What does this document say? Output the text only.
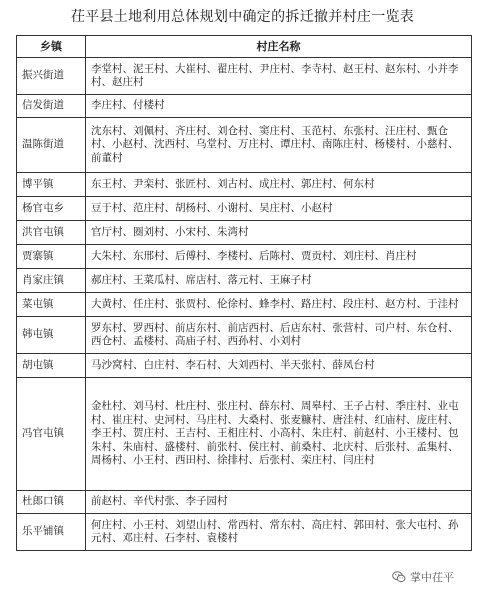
茌平县土地利用总体规划中确定的拆迁撤并村庄一览表
乡镇	村庄名称
振兴街道	李堂村、泥王村、大崔村、翟庄村、尹庄村、李寺村、赵王村、赵东村、小并李村、赵庄村
信发街道	李庄村、付楼村
温陈街道	沈东村、刘佩村、齐庄村、刘仓村、窦庄村、玉范村、东张村、汪庄村、甄仓村、小赵村、沈西村、乌堂村、万庄村、谭庄村、南陈庄村、杨楼村、小慈村、前董村
博平镇	东王村、尹栾村、张匠村、刘古村、成庄村、郭庄村、何东村
杨官屯乡	豆于村、范庄村、胡杨村、小谢村、吴庄村、小赵村
洪官屯镇	官厅村、圈刘村、小宋村、朱湾村
贾寨镇	大朱村、东邢村、后傅村、李楼村、后陈村、贾贡村、刘庄村、肖庄村
肖家庄镇	郝庄村、王菜瓜村、席店村、落元村、王麻子村
菜屯镇	大黄村、任庄村、张贾村、伦徐村、蜂李村、路庄村、段庄村、赵方村、于洼村
韩屯镇	罗东村、罗西村、前店东村、前店西村、后店东村、张营村、司户村、东仓村、西仓村、孟楼村、高庙子村、西孙村、小刘村
胡屯镇	马沙窝村、白庄村、李石村、大刘西村、半天张村、薛凤台村
冯官屯镇	金杜村、刘马村、杜庄村、张庄村、薛东村、周皋村、王子占村、季庄村、业屯村、崔庄村、史河村、马庄村、大桑村、张麦糠村、唐洼村、红庙村、庞庄村、李王村、贺庄村、王吉村、王相庄村、小高村、朱庄村、前赵村、小王楼村、包朱村、朱庙村、盛楼村、前张村、侯庄村、前桑村、北庆村、后张村、孟集村、周杨村、小王村、西田村、徐排村、后张村、栾庄村、闫庄村
杜郎口镇	前赵村、辛代村张、李子园村
乐平铺镇	何庄村、小王村、刘望山村、常西村、常东村、高庄村、郭田村、张大屯村、孙元村、邓庄村、石李村、袁楼村
掌中茌平
